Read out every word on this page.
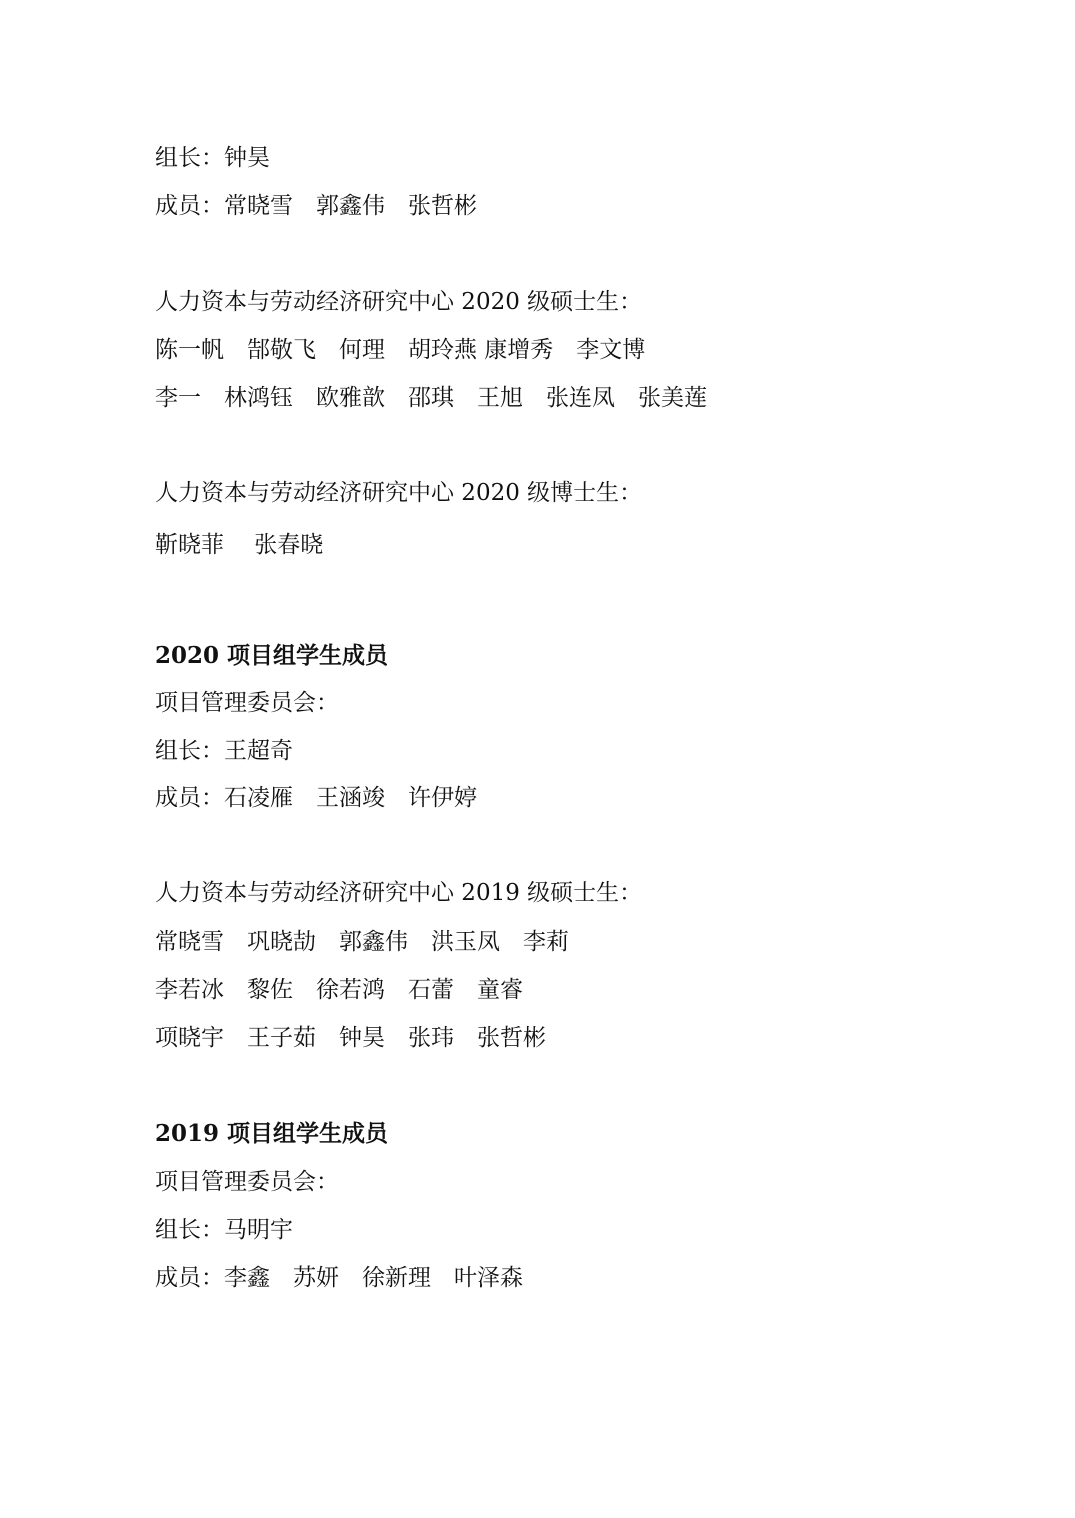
组长：钟昊

成员：常晓雪　郭鑫伟　张哲彬

人力资本与劳动经济研究中心 2020 级硕士生：

陈一帆　郜敬飞　何理　胡玲燕 康增秀　李文博

李一　林鸿钰　欧雅歆　邵琪　王旭　张连凤　张美莲

人力资本与劳动经济研究中心 2020 级博士生：

靳晓菲　 张春晓

2020 项目组学生成员

项目管理委员会：

组长：王超奇

成员：石凌雁　王涵竣　许伊婷

人力资本与劳动经济研究中心 2019 级硕士生：

常晓雪　巩晓劼　郭鑫伟　洪玉凤　李莉

李若冰　黎佐　徐若鸿　石蕾　童睿

项晓宇　王子茹　钟昊　张玮　张哲彬

2019 项目组学生成员

项目管理委员会：

组长：马明宇

成员：李鑫　苏妍　徐新理　叶泽森
